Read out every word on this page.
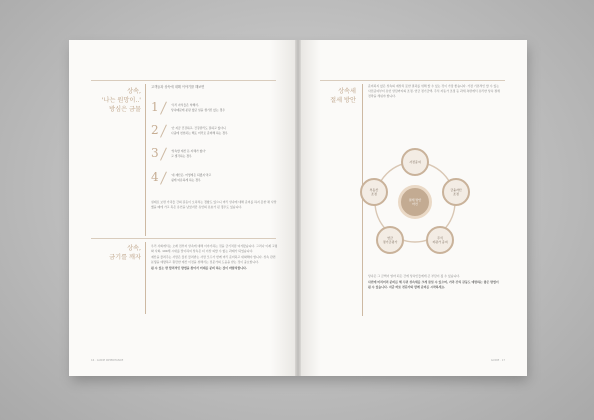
상속,
'나는 원망이..'
방심은 금물
고객들과 상속에 대해 이야기를 해보면
1	'우리 자식들은 착해서,
상속때문에 분란 있던 일을 생기진 않는 경우
2	'난 지금 건강하고, 건강관리도 잘하고 있다니
나중에 천천히는 해도 미리로 준비해 하는 경우
3	'상속할 재산 돈 자체가 없다'
고 생각하는 경우
4	'내 재산은, 어떻게든 되겠지'라고
쉽게 여유하게 하는 경우

실제로 보면 가족들 간의 갈등이 오히려는 경향도 있으니 미리 상속에 대해 준비를 하지 못한 채 사망했을 때에 가고 혹은 유언을 남았지만 유언의 유효가 된 경우도 있습니다.

상속,
금기를 깨자

우리 사회에서는 오래 전부터 상속에 대해 이야기하는 것을 금기처럼 여겨왔습니다. 그러나 이제 고령화 사회, 100세 시대를 맞이하여 상속은 더 이상 피할 수 없는 과제가 되었습니다.

재산을 물려주는 사람은 물론 물려받는 사람 모두가 함께 미리 준비하고 대화해야 합니다. 상속 관련 분쟁을 예방하고 원만한 재산 이전을 위해서는 전문가의 도움을 받는 것이 중요합니다.

될 수 있는 한 합리적인 방법을 찾아서 미래를 준비 하는 것이 바람직합니다.

16 · GUIDE INHERITANCE
상속세
절세 방안

준비되지 않은 상속의 예상치 못한 결과를 위해 할 수 있는 것이 가장 좋습니다. 가장 기본적인 할 수 있는 사전증여부터 유언 상담까지의 조정, 연금 정기금액, 주식 자동가 조정 등 과세 측면에서 유리한 상속 절세 전략을 세워야 합니다.

절세 방안
마련
사전증여
금융자산
조정
주식
저평가 증여
연금
정기금평가
부동산
조정

상속은 그 금액이 얼마 되든 간에 상속인들에게 큰 부담이 될 수 있습니다.

사전에 미리미리 준비를 해 두면 상속세를 크게 줄일 수 있으며, 가족 간의 갈등도 예방하는 좋은 방법이 될 수 있습니다. 지금 바로 전문가와 함께 준비를 시작하세요.

GUIDE · 17
